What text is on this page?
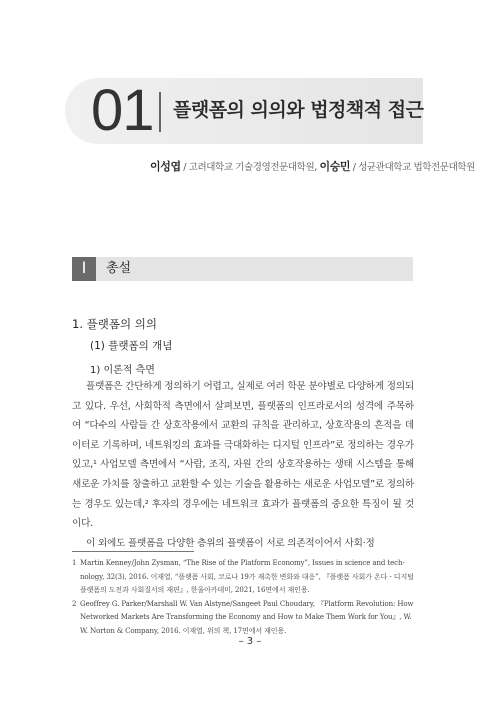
01 플랫폼의 의의와 법정책적 접근
이성엽 / 고려대학교 기술경영전문대학원, 이승민 / 성균관대학교 법학전문대학원
Ⅰ	총설
1. 플랫폼의 의의
(1) 플랫폼의 개념
1) 이론적 측면

플랫폼은 간단하게 정의하기 어렵고, 실제로 여러 학문 분야별로 다양하게 정의되고 있다. 우선, 사회학적 측면에서 살펴보면, 플랫폼의 인프라로서의 성격에 주목하여 “다수의 사람들 간 상호작용에서 교환의 규칙을 관리하고, 상호작용의 흔적을 데이터로 기록하며, 네트워킹의 효과를 극대화하는 디지털 인프라”로 정의하는 경우가 있고,¹ 사업모델 측면에서 “사람, 조직, 자원 간의 상호작용하는 생태 시스템을 통해 새로운 가치를 창출하고 교환할 수 있는 기술을 활용하는 새로운 사업모델”로 정의하는 경우도 있는데,² 후자의 경우에는 네트워크 효과가 플랫폼의 중요한 특징이 될 것이다.

이 외에도 플랫폼을 다양한 층위의 플랫폼이 서로 의존적이어서 사회·정

1 Martin Kenney/John Zysman, “The Rise of the Platform Economy”, Issues in science and tech-nology, 32(3), 2016. 이재열, “플랫폼 사회, 코로나 19가 재촉한 변화와 대응”, 『플랫폼 사회가 온다 - 디지털 플랫폼의 도전과 사회질서의 재편』, 한울아카데미, 2021, 16면에서 재인용.

2 Geoffrey G. Parker/Marshall W. Van Alstyne/Sangeet Paul Choudary, 『Platform Revolution: How Networked Markets Are Transforming the Economy and How to Make Them Work for You』, W. W. Norton & Company, 2016. 이재열, 위의 책, 17면에서 재인용.

– 3 –
